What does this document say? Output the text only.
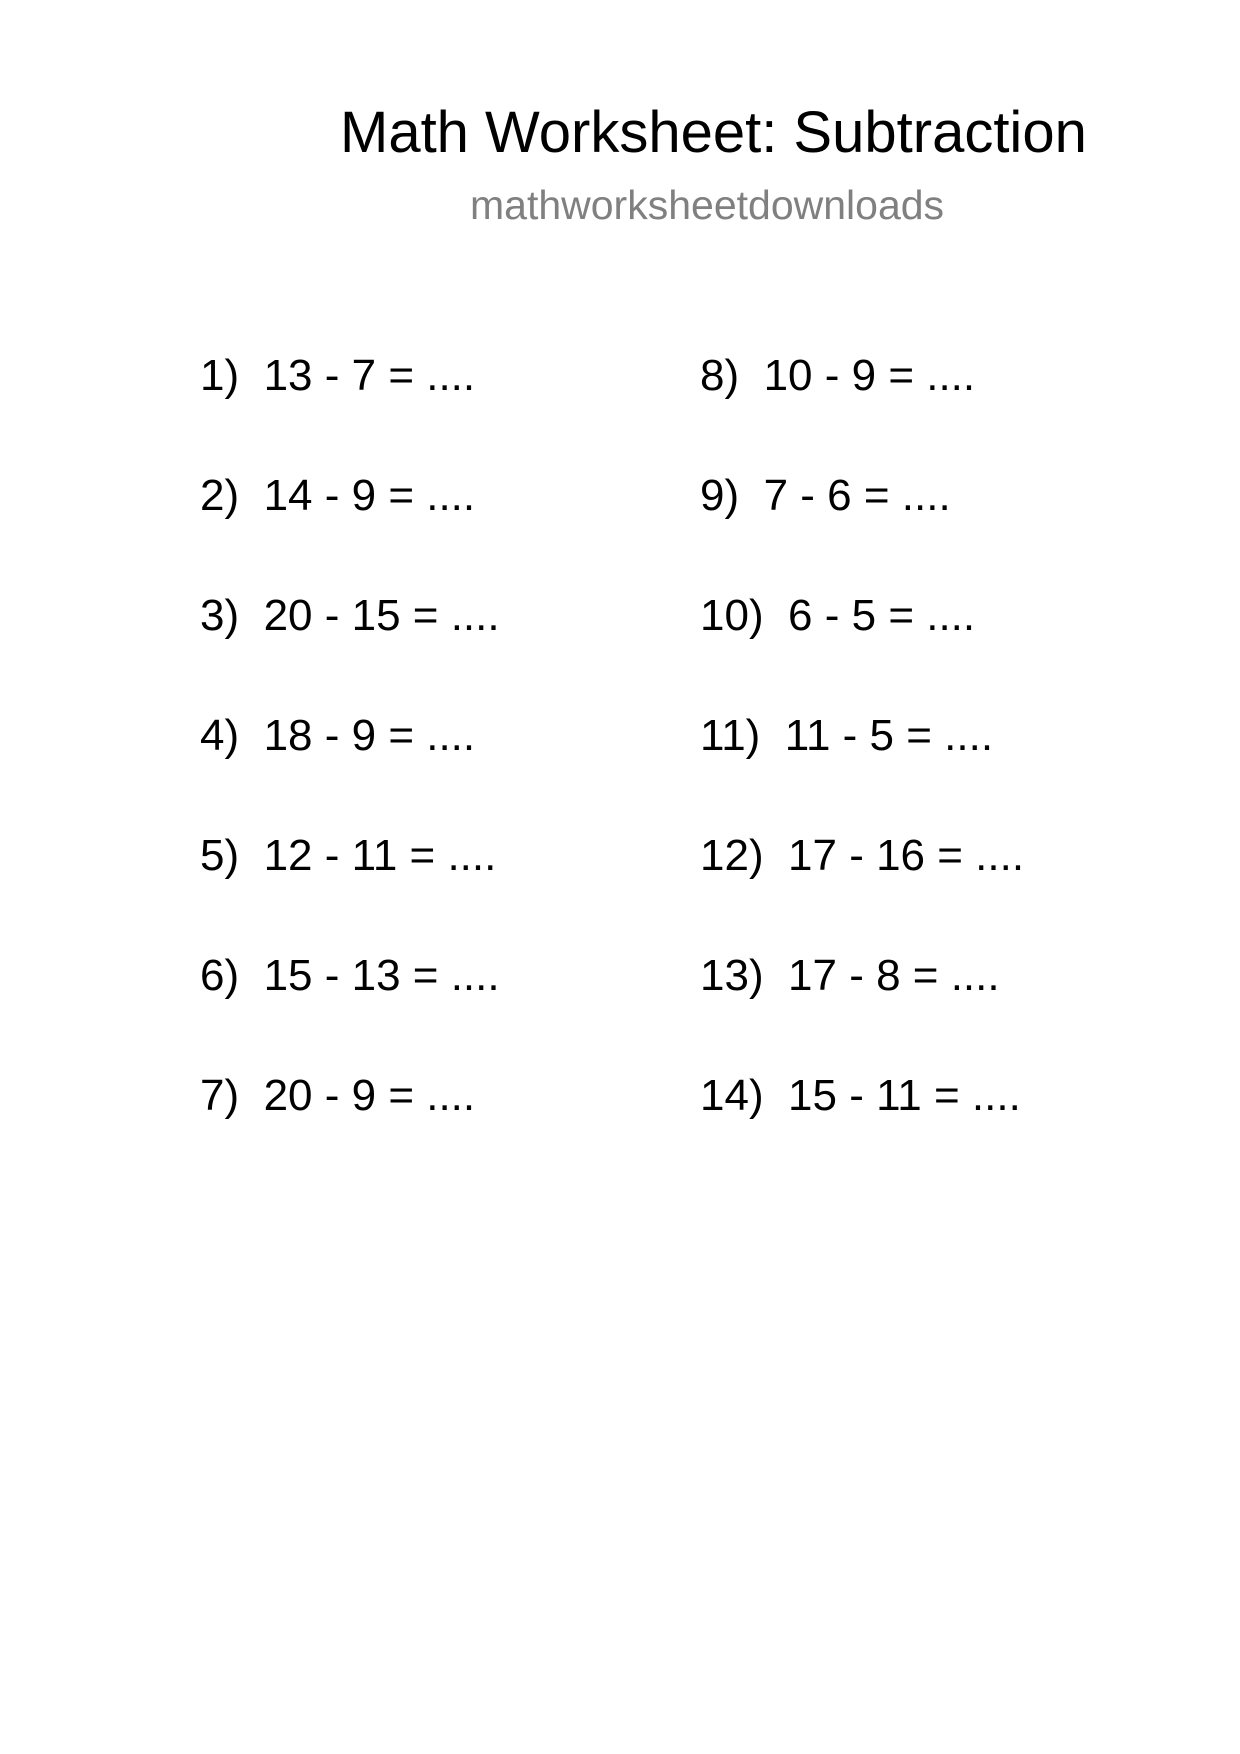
Math Worksheet: Subtraction
mathworksheetdownloads
1) 13 - 7 = ....
2) 14 - 9 = ....
3) 20 - 15 = ....
4) 18 - 9 = ....
5) 12 - 11 = ....
6) 15 - 13 = ....
7) 20 - 9 = ....
8) 10 - 9 = ....
9) 7 - 6 = ....
10) 6 - 5 = ....
11) 11 - 5 = ....
12) 17 - 16 = ....
13) 17 - 8 = ....
14) 15 - 11 = ....
